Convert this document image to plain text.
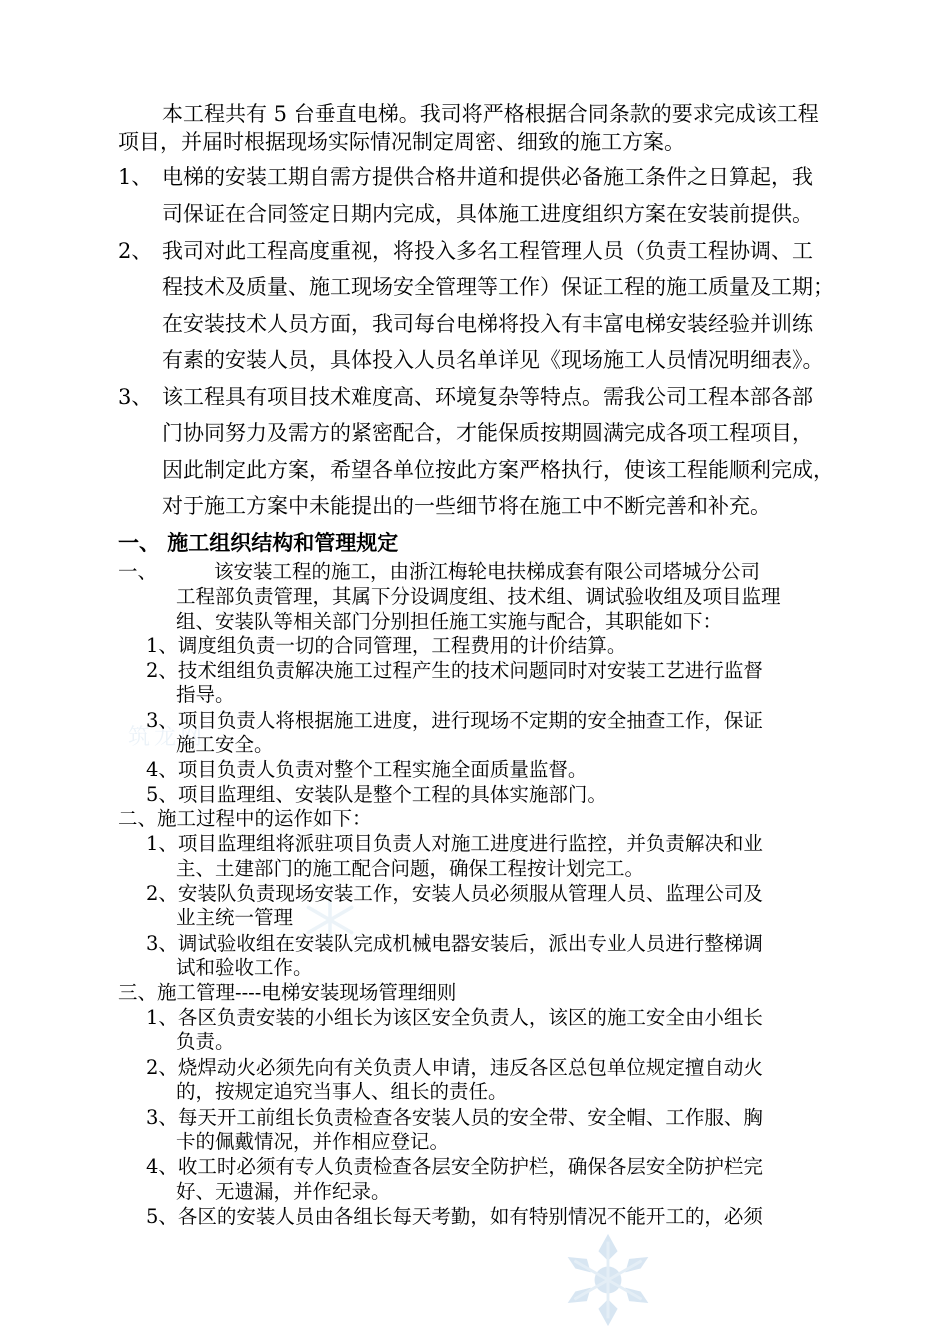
筑龙网
本工程共有 5 台垂直电梯。我司将严格根据合同条款的要求完成该工程
项目，并届时根据现场实际情况制定周密、细致的施工方案。
1、 电梯的安装工期自需方提供合格井道和提供必备施工条件之日算起，我
司保证在合同签定日期内完成，具体施工进度组织方案在安装前提供。
2、 我司对此工程高度重视，将投入多名工程管理人员（负责工程协调、工
程技术及质量、施工现场安全管理等工作）保证工程的施工质量及工期；
在安装技术人员方面，我司每台电梯将投入有丰富电梯安装经验并训练
有素的安装人员，具体投入人员名单详见《现场施工人员情况明细表》。
3、 该工程具有项目技术难度高、环境复杂等特点。需我公司工程本部各部
门协同努力及需方的紧密配合，才能保质按期圆满完成各项工程项目，
因此制定此方案，希望各单位按此方案严格执行，使该工程能顺利完成，
对于施工方案中未能提出的一些细节将在施工中不断完善和补充。
一、 施工组织结构和管理规定
一、	该安装工程的施工，由浙江梅轮电扶梯成套有限公司塔城分公司
工程部负责管理，其属下分设调度组、技术组、调试验收组及项目监理
组、安装队等相关部门分别担任施工实施与配合，其职能如下：
1、调度组负责一切的合同管理，工程费用的计价结算。
2、技术组组负责解决施工过程产生的技术问题同时对安装工艺进行监督
指导。
3、项目负责人将根据施工进度，进行现场不定期的安全抽查工作，保证
施工安全。
4、项目负责人负责对整个工程实施全面质量监督。
5、项目监理组、安装队是整个工程的具体实施部门。
二、施工过程中的运作如下：
1、项目监理组将派驻项目负责人对施工进度进行监控，并负责解决和业
主、土建部门的施工配合问题，确保工程按计划完工。
2、安装队负责现场安装工作，安装人员必须服从管理人员、监理公司及
业主统一管理
3、调试验收组在安装队完成机械电器安装后，派出专业人员进行整梯调
试和验收工作。
三、施工管理----电梯安装现场管理细则
1、各区负责安装的小组长为该区安全负责人，该区的施工安全由小组长
负责。
2、烧焊动火必须先向有关负责人申请，违反各区总包单位规定擅自动火
的，按规定追究当事人、组长的责任。
3、每天开工前组长负责检查各安装人员的安全带、安全帽、工作服、胸
卡的佩戴情况，并作相应登记。
4、收工时必须有专人负责检查各层安全防护栏，确保各层安全防护栏完
好、无遗漏，并作纪录。
5、各区的安装人员由各组长每天考勤，如有特别情况不能开工的，必须
